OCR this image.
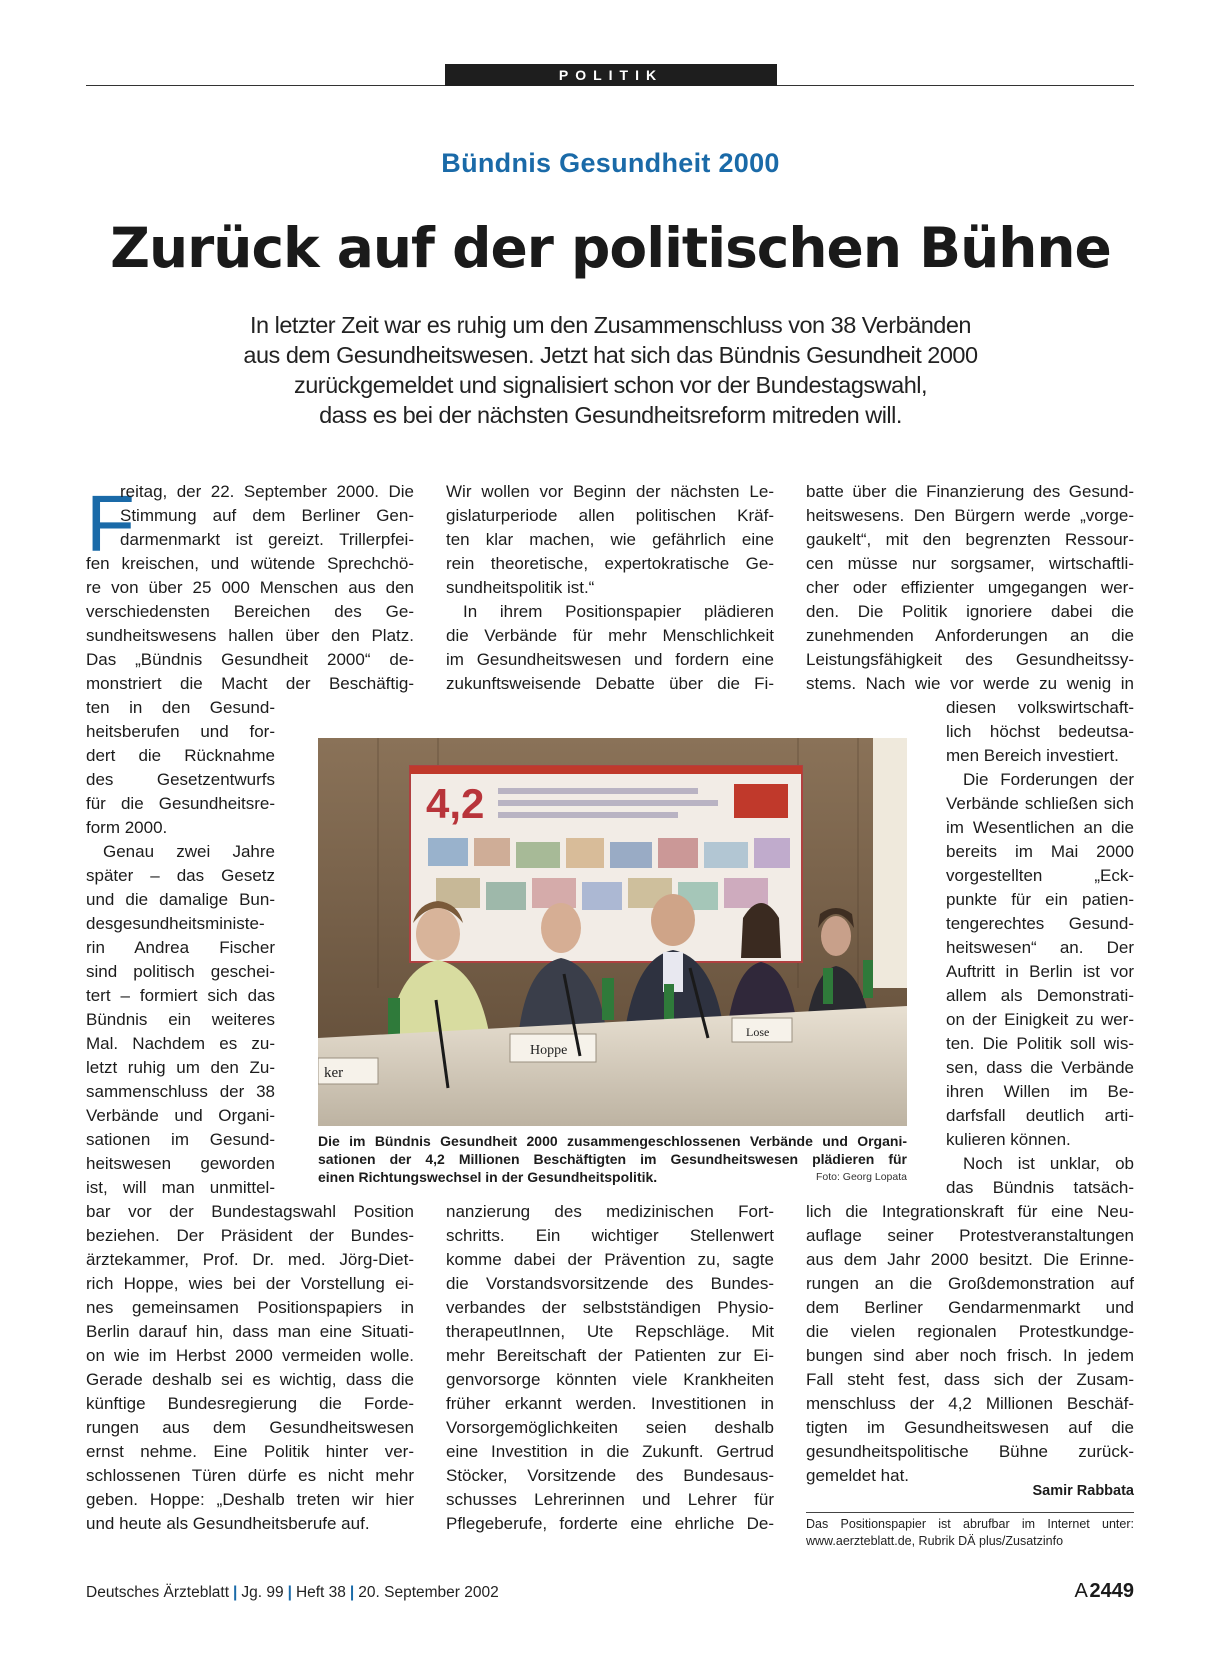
POLITIK
Bündnis Gesundheit 2000
Zurück auf der politischen Bühne
In letzter Zeit war es ruhig um den Zusammenschluss von 38 Verbänden
aus dem Gesundheitswesen. Jetzt hat sich das Bündnis Gesundheit 2000
zurückgemeldet und signalisiert schon vor der Bundestagswahl,
dass es bei der nächsten Gesundheitsreform mitreden will.
F
reitag, der 22. September 2000. Die
Stimmung auf dem Berliner Gen-
darmenmarkt ist gereizt. Trillerpfei-
fen kreischen, und wütende Sprechchö-
re von über 25 000 Menschen aus den
verschiedensten Bereichen des Ge-
sundheitswesens hallen über den Platz.
Das „Bündnis Gesundheit 2000“ de-
monstriert die Macht der Beschäftig-
ten in den Gesund-
heitsberufen und for-
dert die Rücknahme
des Gesetzentwurfs
für die Gesundheitsre-
form 2000.
 Genau zwei Jahre
später – das Gesetz
und die damalige Bun-
desgesundheitsministe-
rin Andrea Fischer
sind politisch geschei-
tert – formiert sich das
Bündnis ein weiteres
Mal. Nachdem es zu-
letzt ruhig um den Zu-
sammenschluss der 38
Verbände und Organi-
sationen im Gesund-
heitswesen geworden
ist, will man unmittel-
bar vor der Bundestagswahl Position
beziehen. Der Präsident der Bundes-
ärztekammer, Prof. Dr. med. Jörg-Diet-
rich Hoppe, wies bei der Vorstellung ei-
nes gemeinsamen Positionspapiers in
Berlin darauf hin, dass man eine Situati-
on wie im Herbst 2000 vermeiden wolle.
Gerade deshalb sei es wichtig, dass die
künftige Bundesregierung die Forde-
rungen aus dem Gesundheitswesen
ernst nehme. Eine Politik hinter ver-
schlossenen Türen dürfe es nicht mehr
geben. Hoppe: „Deshalb treten wir hier
und heute als Gesundheitsberufe auf.
Wir wollen vor Beginn der nächsten Le-
gislaturperiode allen politischen Kräf-
ten klar machen, wie gefährlich eine
rein theoretische, expertokratische Ge-
sundheitspolitik ist.“
 In ihrem Positionspapier plädieren
die Verbände für mehr Menschlichkeit
im Gesundheitswesen und fordern eine
zukunftsweisende Debatte über die Fi-
nanzierung des medizinischen Fort-
schritts. Ein wichtiger Stellenwert
komme dabei der Prävention zu, sagte
die Vorstandsvorsitzende des Bundes-
verbandes der selbstständigen Physio-
therapeutInnen, Ute Repschläge. Mit
mehr Bereitschaft der Patienten zur Ei-
genvorsorge könnten viele Krankheiten
früher erkannt werden. Investitionen in
Vorsorgemöglichkeiten seien deshalb
eine Investition in die Zukunft. Gertrud
Stöcker, Vorsitzende des Bundesaus-
schusses Lehrerinnen und Lehrer für
Pflegeberufe, forderte eine ehrliche De-
batte über die Finanzierung des Gesund-
heitswesens. Den Bürgern werde „vorge-
gaukelt“, mit den begrenzten Ressour-
cen müsse nur sorgsamer, wirtschaftli-
cher oder effizienter umgegangen wer-
den. Die Politik ignoriere dabei die
zunehmenden Anforderungen an die
Leistungsfähigkeit des Gesundheitssy-
stems. Nach wie vor werde zu wenig in
diesen volkswirtschaft-
lich höchst bedeutsa-
men Bereich investiert.
 Die Forderungen der
Verbände schließen sich
im Wesentlichen an die
bereits im Mai 2000
vorgestellten „Eck-
punkte für ein patien-
tengerechtes Gesund-
heitswesen“ an. Der
Auftritt in Berlin ist vor
allem als Demonstrati-
on der Einigkeit zu wer-
ten. Die Politik soll wis-
sen, dass die Verbände
ihren Willen im Be-
darfsfall deutlich arti-
kulieren können.
 Noch ist unklar, ob
das Bündnis tatsäch-
lich die Integrationskraft für eine Neu-
auflage seiner Protestveranstaltungen
aus dem Jahr 2000 besitzt. Die Erinne-
rungen an die Großdemonstration auf
dem Berliner Gendarmenmarkt und
die vielen regionalen Protestkundge-
bungen sind aber noch frisch. In jedem
Fall steht fest, dass sich der Zusam-
menschluss der 4,2 Millionen Beschäf-
tigten im Gesundheitswesen auf die
gesundheitspolitische Bühne zurück-
gemeldet hat.
Samir Rabbata
Das Positionspapier ist abrufbar im Internet unter:
www.aerzteblatt.de, Rubrik DÄ plus/Zusatzinfo
4,2
ker
Hoppe
Lose
Die im Bündnis Gesundheit 2000 zusammengeschlossenen Verbände und Organi-
sationen der 4,2 Millionen Beschäftigten im Gesundheitswesen plädieren für
einen Richtungswechsel in der Gesundheitspolitik.	Foto: Georg Lopata
Deutsches Ärzteblatt | Jg. 99 | Heft 38 | 20. September 2002	A 2449
